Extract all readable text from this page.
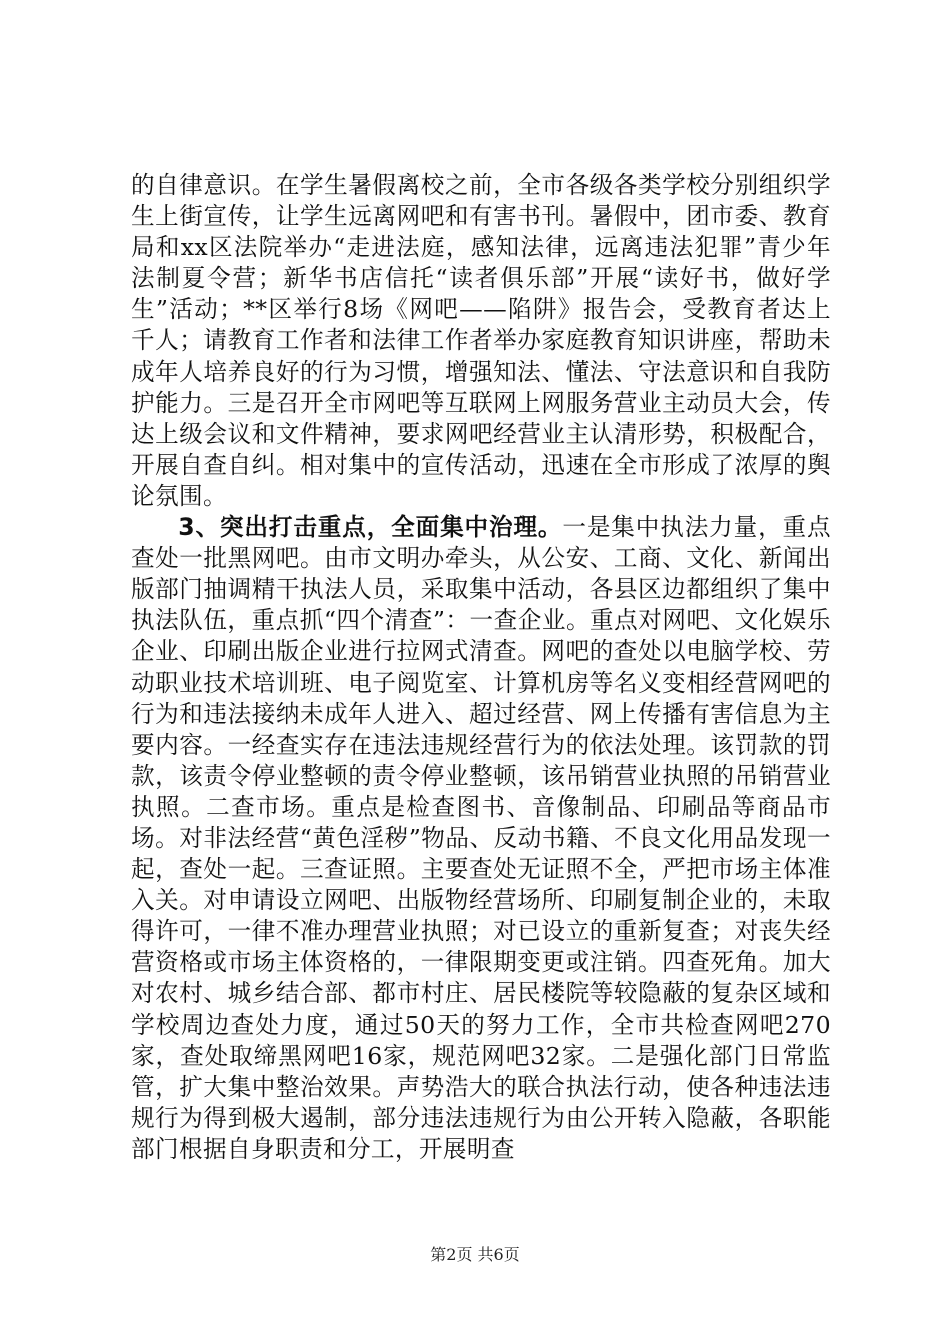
的自律意识。在学生暑假离校之前，全市各级各类学校分别组织学生上街宣传，让学生远离网吧和有害书刊。暑假中，团市委、教育局和xx区法院举办“走进法庭，感知法律，远离违法犯罪”青少年法制夏令营；新华书店信托“读者俱乐部”开展“读好书，做好学生”活动；**区举行8场《网吧——陷阱》报告会，受教育者达上千人；请教育工作者和法律工作者举办家庭教育知识讲座，帮助未成年人培养良好的行为习惯，增强知法、懂法、守法意识和自我防护能力。三是召开全市网吧等互联网上网服务营业主动员大会，传达上级会议和文件精神，要求网吧经营业主认清形势，积极配合，开展自查自纠。相对集中的宣传活动，迅速在全市形成了浓厚的舆论氛围。

3、突出打击重点，全面集中治理。一是集中执法力量，重点查处一批黑网吧。由市文明办牵头，从公安、工商、文化、新闻出版部门抽调精干执法人员，采取集中活动，各县区边都组织了集中执法队伍，重点抓“四个清查”：一查企业。重点对网吧、文化娱乐企业、印刷出版企业进行拉网式清查。网吧的查处以电脑学校、劳动职业技术培训班、电子阅览室、计算机房等名义变相经营网吧的行为和违法接纳未成年人进入、超过经营、网上传播有害信息为主要内容。一经查实存在违法违规经营行为的依法处理。该罚款的罚款，该责令停业整顿的责令停业整顿，该吊销营业执照的吊销营业执照。二查市场。重点是检查图书、音像制品、印刷品等商品市场。对非法经营“黄色淫秽”物品、反动书籍、不良文化用品发现一起，查处一起。三查证照。主要查处无证照不全，严把市场主体准入关。对申请设立网吧、出版物经营场所、印刷复制企业的，未取得许可，一律不准办理营业执照；对已设立的重新复查；对丧失经营资格或市场主体资格的，一律限期变更或注销。四查死角。加大对农村、城乡结合部、都市村庄、居民楼院等较隐蔽的复杂区域和学校周边查处力度，通过50天的努力工作，全市共检查网吧270家，查处取缔黑网吧16家，规范网吧32家。二是强化部门日常监管，扩大集中整治效果。声势浩大的联合执法行动，使各种违法违规行为得到极大遏制，部分违法违规行为由公开转入隐蔽，各职能部门根据自身职责和分工，开展明查

第2页 共6页
